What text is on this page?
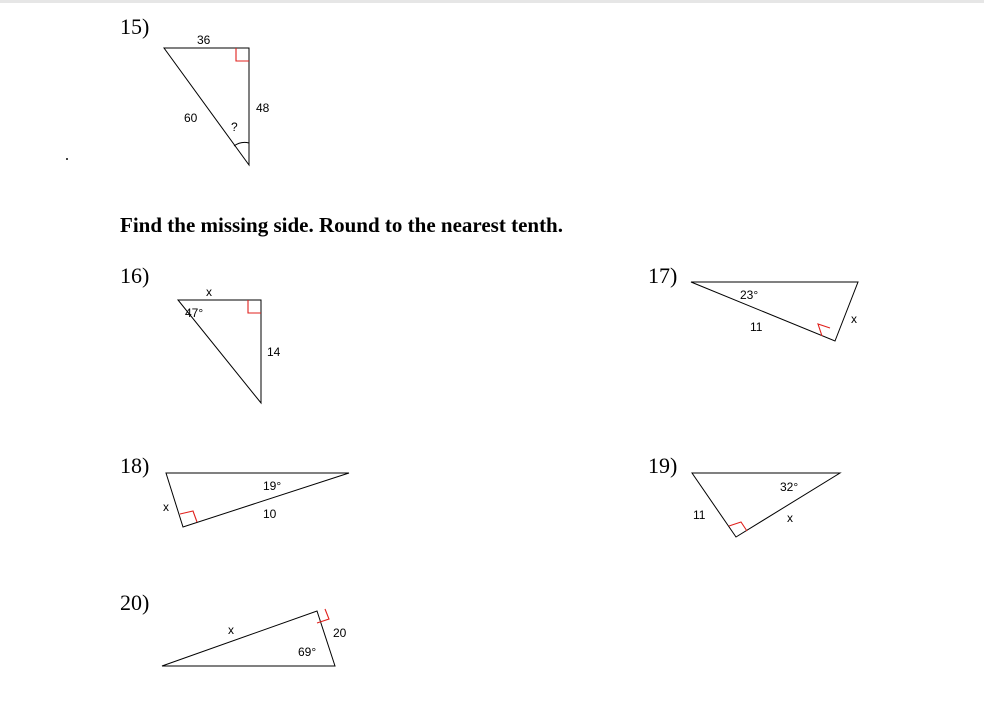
15)
Find the missing side. Round to the nearest tenth.
16)	17)
18)	19)
20)
36
48
60
?
x
47°
14
23°
11
x
19°
10
x
32°
11	x
x	20
69°
